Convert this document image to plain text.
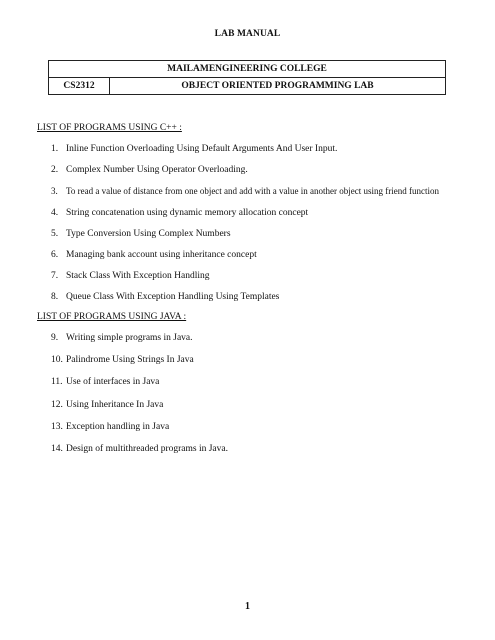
LAB MANUAL
MAILAMENGINEERING COLLEGE
CS2312	OBJECT ORIENTED PROGRAMMING LAB
LIST OF PROGRAMS USING C++ :
1. Inline Function Overloading Using Default Arguments And User Input.
2. Complex Number Using Operator Overloading.
3. To read a value of distance from one object and add with a value in another object using friend function
4. String concatenation using dynamic memory allocation concept
5. Type Conversion Using Complex Numbers
6. Managing bank account using inheritance concept
7. Stack Class With Exception Handling
8. Queue Class With Exception Handling Using Templates
LIST OF PROGRAMS USING JAVA :
9. Writing simple programs in Java.
10. Palindrome Using Strings In Java
11. Use of interfaces in Java
12. Using Inheritance In Java
13. Exception handling in Java
14. Design of multithreaded programs in Java.
1
